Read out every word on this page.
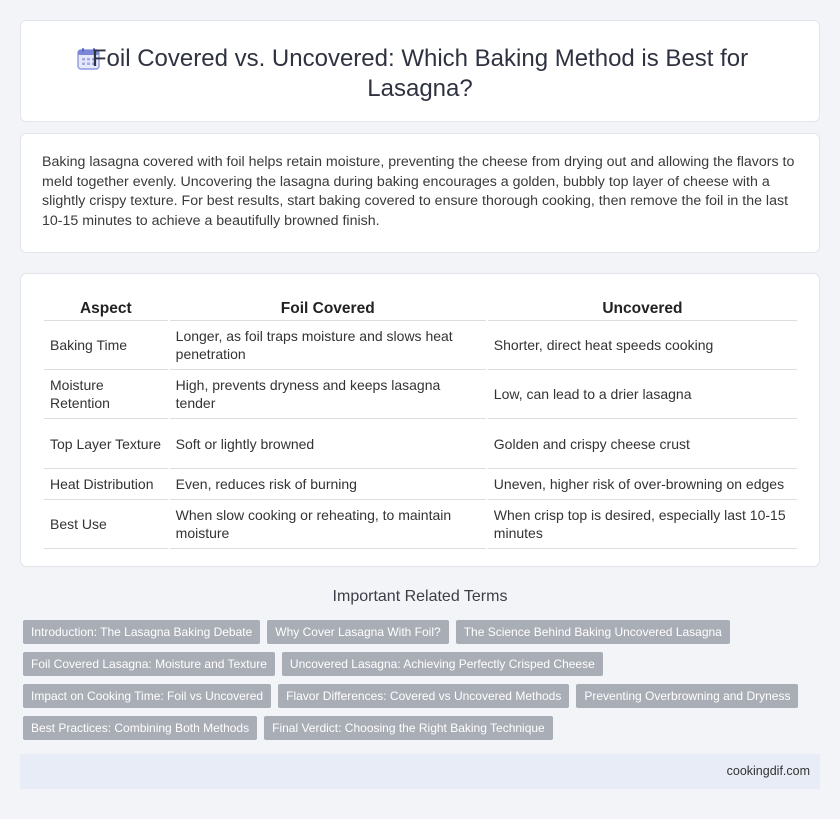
Foil Covered vs. Uncovered: Which Baking Method is Best for Lasagna?

Baking lasagna covered with foil helps retain moisture, preventing the cheese from drying out and allowing the flavors to meld together evenly. Uncovering the lasagna during baking encourages a golden, bubbly top layer of cheese with a slightly crispy texture. For best results, start baking covered to ensure thorough cooking, then remove the foil in the last 10-15 minutes to achieve a beautifully browned finish.

Aspect	Foil Covered	Uncovered
Baking Time	Longer, as foil traps moisture and slows heat penetration	Shorter, direct heat speeds cooking
Moisture Retention	High, prevents dryness and keeps lasagna tender	Low, can lead to a drier lasagna
Top Layer Texture	Soft or lightly browned	Golden and crispy cheese crust
Heat Distribution	Even, reduces risk of burning	Uneven, higher risk of over-browning on edges
Best Use	When slow cooking or reheating, to maintain moisture	When crisp top is desired, especially last 10-15 minutes
Important Related Terms
Introduction: The Lasagna Baking Debate	Why Cover Lasagna With Foil?	The Science Behind Baking Uncovered Lasagna
Foil Covered Lasagna: Moisture and Texture	Uncovered Lasagna: Achieving Perfectly Crisped Cheese
Impact on Cooking Time: Foil vs Uncovered	Flavor Differences: Covered vs Uncovered Methods	Preventing Overbrowning and Dryness
Best Practices: Combining Both Methods	Final Verdict: Choosing the Right Baking Technique
cookingdif.com
